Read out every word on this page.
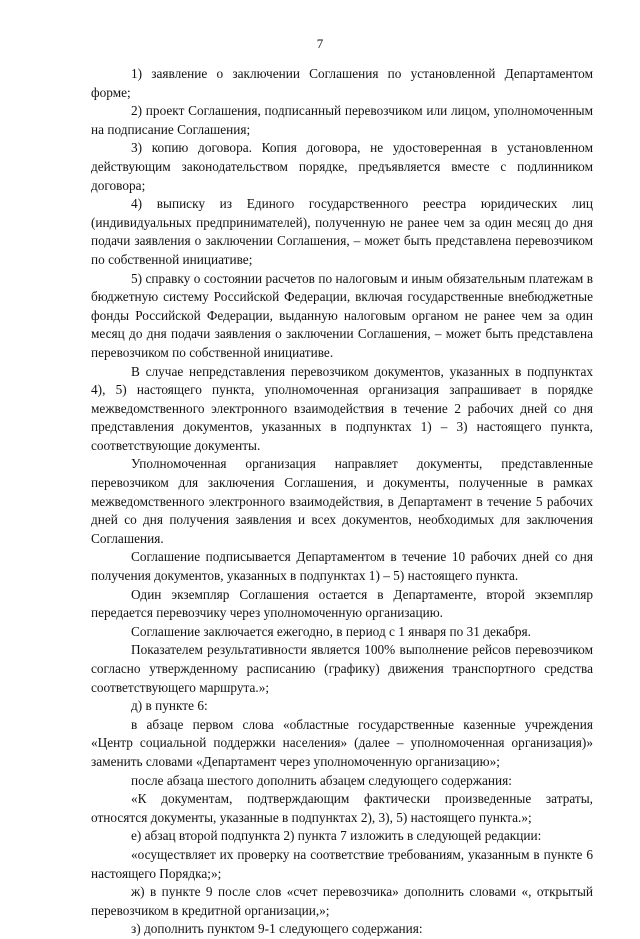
7

1) заявление о заключении Соглашения по установленной Департаментом форме;

2) проект Соглашения, подписанный перевозчиком или лицом, уполномоченным на подписание Соглашения;

3) копию договора. Копия договора, не удостоверенная в установленном действующим законодательством порядке, предъявляется вместе с подлинником договора;

4) выписку из Единого государственного реестра юридических лиц (индивидуальных предпринимателей), полученную не ранее чем за один месяц до дня подачи заявления о заключении Соглашения, – может быть представлена перевозчиком по собственной инициативе;

5) справку о состоянии расчетов по налоговым и иным обязательным платежам в бюджетную систему Российской Федерации, включая государственные внебюджетные фонды Российской Федерации, выданную налоговым органом не ранее чем за один месяц до дня подачи заявления о заключении Соглашения, – может быть представлена перевозчиком по собственной инициативе.

В случае непредставления перевозчиком документов, указанных в подпунктах 4), 5) настоящего пункта, уполномоченная организация запрашивает в порядке межведомственного электронного взаимодействия в течение 2 рабочих дней со дня представления документов, указанных в подпунктах 1) – 3) настоящего пункта, соответствующие документы.

Уполномоченная организация направляет документы, представленные перевозчиком для заключения Соглашения, и документы, полученные в рамках межведомственного электронного взаимодействия, в Департамент в течение 5 рабочих дней со дня получения заявления и всех документов, необходимых для заключения Соглашения.

Соглашение подписывается Департаментом в течение 10 рабочих дней со дня получения документов, указанных в подпунктах 1) – 5) настоящего пункта.

Один экземпляр Соглашения остается в Департаменте, второй экземпляр передается перевозчику через уполномоченную организацию.

Соглашение заключается ежегодно, в период с 1 января по 31 декабря.

Показателем результативности является 100% выполнение рейсов перевозчиком согласно утвержденному расписанию (графику) движения транспортного средства соответствующего маршрута.»;

д) в пункте 6:

в абзаце первом слова «областные государственные казенные учреждения «Центр социальной поддержки населения» (далее – уполномоченная организация)» заменить словами «Департамент через уполномоченную организацию»;

после абзаца шестого дополнить абзацем следующего содержания:

«К документам, подтверждающим фактически произведенные затраты, относятся документы, указанные в подпунктах 2), 3), 5) настоящего пункта.»;

е) абзац второй подпункта 2) пункта 7 изложить в следующей редакции:

«осуществляет их проверку на соответствие требованиям, указанным в пункте 6 настоящего Порядка;»;

ж) в пункте 9 после слов «счет перевозчика» дополнить словами «, открытый перевозчиком в кредитной организации,»;

з) дополнить пунктом 9-1 следующего содержания:
